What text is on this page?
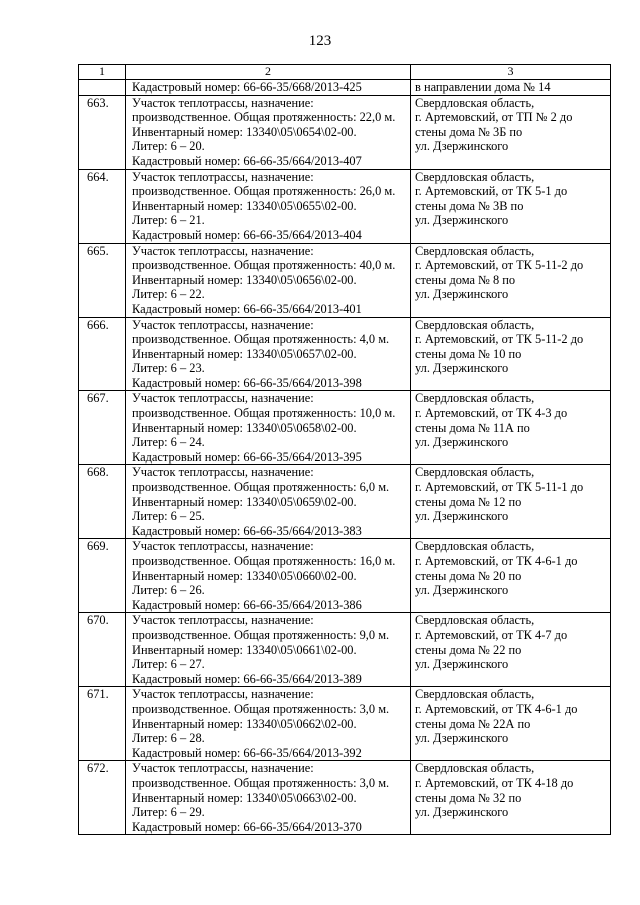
123
1	2	3

	Кадастровый номер: 66-66-35/668/2013-425	в направлении дома № 14

663.	Участок теплотрассы, назначение:
производственное. Общая протяженность: 22,0 м.
Инвентарный номер: 13340\05\0654\02-00.
Литер: 6 – 20.
Кадастровый номер: 66-66-35/664/2013-407	Свердловская область,
г. Артемовский, от ТП № 2 до
стены дома № 3Б по
ул. Дзержинского

664.	Участок теплотрассы, назначение:
производственное. Общая протяженность: 26,0 м.
Инвентарный номер: 13340\05\0655\02-00.
Литер: 6 – 21.
Кадастровый номер: 66-66-35/664/2013-404	Свердловская область,
г. Артемовский, от ТК 5-1 до
стены дома № 3В по
ул. Дзержинского

665.	Участок теплотрассы, назначение:
производственное. Общая протяженность: 40,0 м.
Инвентарный номер: 13340\05\0656\02-00.
Литер: 6 – 22.
Кадастровый номер: 66-66-35/664/2013-401	Свердловская область,
г. Артемовский, от ТК 5-11-2 до
стены дома № 8 по
ул. Дзержинского

666.	Участок теплотрассы, назначение:
производственное. Общая протяженность: 4,0 м.
Инвентарный номер: 13340\05\0657\02-00.
Литер: 6 – 23.
Кадастровый номер: 66-66-35/664/2013-398	Свердловская область,
г. Артемовский, от ТК 5-11-2 до
стены дома № 10 по
ул. Дзержинского

667.	Участок теплотрассы, назначение:
производственное. Общая протяженность: 10,0 м.
Инвентарный номер: 13340\05\0658\02-00.
Литер: 6 – 24.
Кадастровый номер: 66-66-35/664/2013-395	Свердловская область,
г. Артемовский, от ТК 4-3 до
стены дома № 11А по
ул. Дзержинского

668.	Участок теплотрассы, назначение:
производственное. Общая протяженность: 6,0 м.
Инвентарный номер: 13340\05\0659\02-00.
Литер: 6 – 25.
Кадастровый номер: 66-66-35/664/2013-383	Свердловская область,
г. Артемовский, от ТК 5-11-1 до
стены дома № 12 по
ул. Дзержинского

669.	Участок теплотрассы, назначение:
производственное. Общая протяженность: 16,0 м.
Инвентарный номер: 13340\05\0660\02-00.
Литер: 6 – 26.
Кадастровый номер: 66-66-35/664/2013-386	Свердловская область,
г. Артемовский, от ТК 4-6-1 до
стены дома № 20 по
ул. Дзержинского

670.	Участок теплотрассы, назначение:
производственное. Общая протяженность: 9,0 м.
Инвентарный номер: 13340\05\0661\02-00.
Литер: 6 – 27.
Кадастровый номер: 66-66-35/664/2013-389	Свердловская область,
г. Артемовский, от ТК 4-7 до
стены дома № 22 по
ул. Дзержинского

671.	Участок теплотрассы, назначение:
производственное. Общая протяженность: 3,0 м.
Инвентарный номер: 13340\05\0662\02-00.
Литер: 6 – 28.
Кадастровый номер: 66-66-35/664/2013-392	Свердловская область,
г. Артемовский, от ТК 4-6-1 до
стены дома № 22А по
ул. Дзержинского

672.	Участок теплотрассы, назначение:
производственное. Общая протяженность: 3,0 м.
Инвентарный номер: 13340\05\0663\02-00.
Литер: 6 – 29.
Кадастровый номер: 66-66-35/664/2013-370	Свердловская область,
г. Артемовский, от ТК 4-18 до
стены дома № 32 по
ул. Дзержинского
